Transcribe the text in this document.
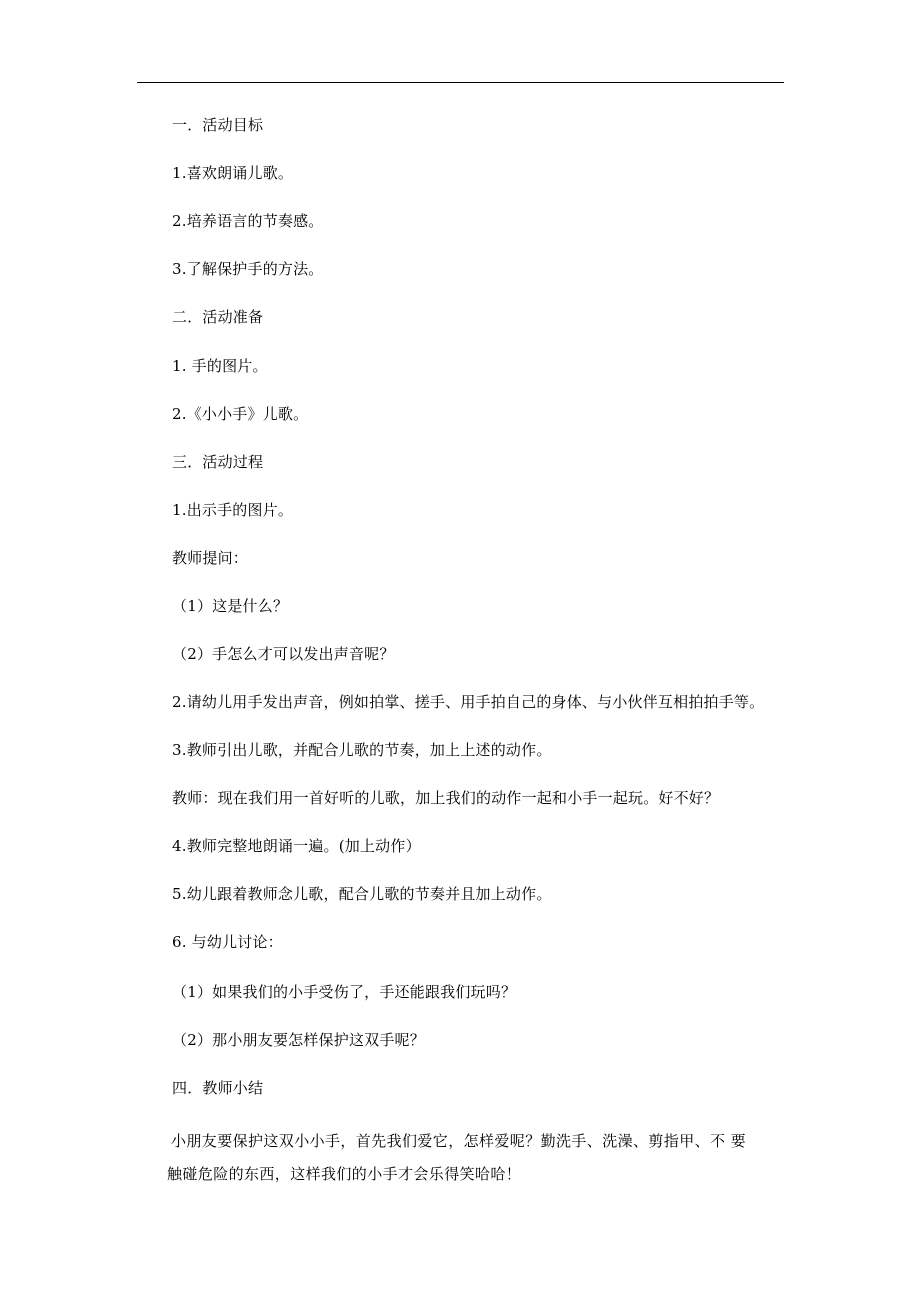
一．活动目标
1.喜欢朗诵儿歌。
2.培养语言的节奏感。
3.了解保护手的方法。
二．活动准备
1. 手的图片。
2.《小小手》儿歌。
三．活动过程
1.出示手的图片。
教师提问：
（1）这是什么？
（2）手怎么才可以发出声音呢？
2.请幼儿用手发出声音，例如拍掌、搓手、用手拍自己的身体、与小伙伴互相拍拍手等。
3.教师引出儿歌，并配合儿歌的节奏，加上上述的动作。
教师：现在我们用一首好听的儿歌，加上我们的动作一起和小手一起玩。好不好？
4.教师完整地朗诵一遍。(加上动作）
5.幼儿跟着教师念儿歌，配合儿歌的节奏并且加上动作。
6. 与幼儿讨论：
（1）如果我们的小手受伤了，手还能跟我们玩吗？
（2）那小朋友要怎样保护这双手呢？
四．教师小结
小朋友要保护这双小小手，首先我们爱它，怎样爱呢？勤洗手、洗澡、剪指甲、不 要
触碰危险的东西，这样我们的小手才会乐得笑哈哈！
